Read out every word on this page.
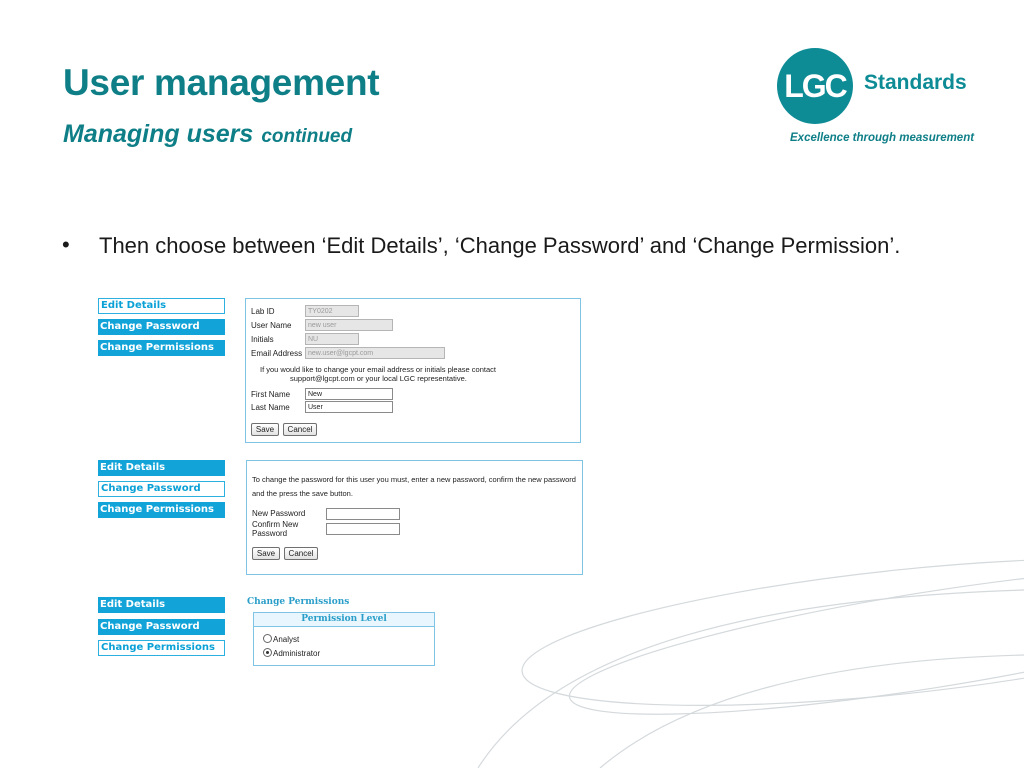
User management
Managing users continued
LGC Standards
Excellence through measurement
• Then choose between ‘Edit Details’, ‘Change Password’ and ‘Change Permission’.
Edit Details
Change Password
Change Permissions
Lab ID	TY0202
User Name	new user
Initials	NU
Email Address new.user@lgcpt.com
If you would like to change your email address or initials please contact
support@lgcpt.com or your local LGC representative.
First Name	New
Last Name	User
Save	Cancel
Edit Details
Change Password
Change Permissions
To change the password for this user you must, enter a new password, confirm the new password
and the press the save button.
New Password
Confirm New
Password
Save	Cancel
Edit Details
Change Password
Change Permissions
Change Permissions
Permission Level
Analyst
Administrator
